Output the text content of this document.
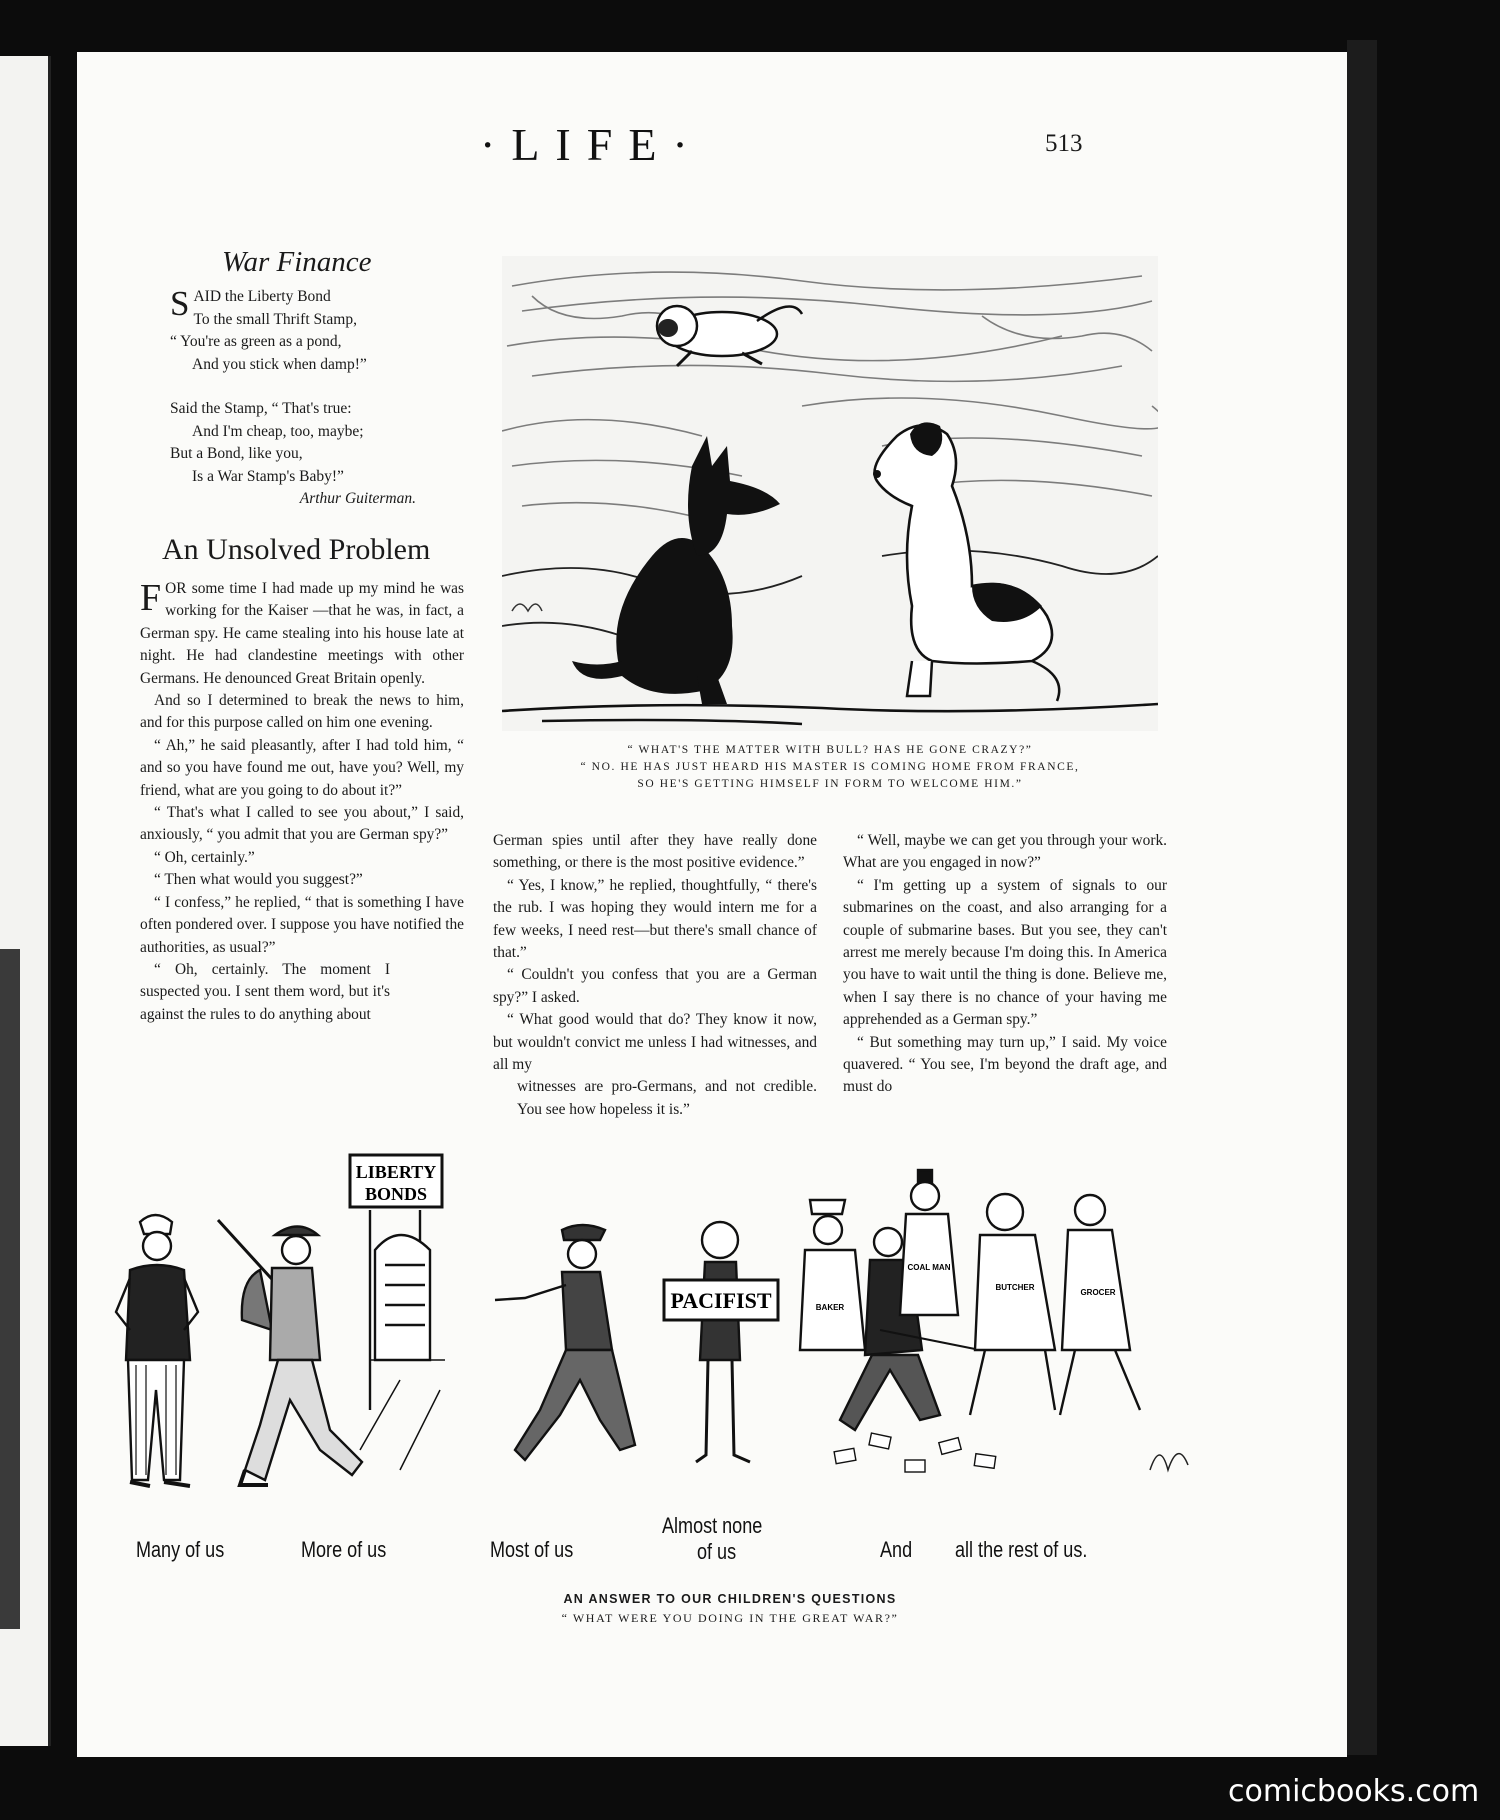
·LIFE·	513
War Finance
S AID the Liberty Bond
To the small Thrift Stamp,
“ You're as green as a pond,
And you stick when damp!”
Said the Stamp, “ That's true:
And I'm cheap, too, maybe;
But a Bond, like you,
Is a War Stamp's Baby!”
Arthur Guiterman.
An Unsolved Problem

FOR some time I had made up my mind he was working for the Kaiser —that he was, in fact, a German spy. He came stealing into his house late at night. He had clandestine meetings with other Germans. He denounced Great Britain openly.

And so I determined to break the news to him, and for this purpose called on him one evening.

“ Ah,” he said pleasantly, after I had told him, “ and so you have found me out, have you? Well, my friend, what are you going to do about it?”

“ That's what I called to see you about,” I said, anxiously, “ you admit that you are German spy?”

“ Oh, certainly.”

“ Then what would you suggest?”

“ I confess,” he replied, “ that is something I have often pondered over. I suppose you have notified the authorities, as usual?”

“ Oh, certainly. The moment I suspected you. I sent them word, but it's against the rules to do anything about

German spies until after they have really done something, or there is the most positive evidence.”

“ Yes, I know,” he replied, thoughtfully, “ there's the rub. I was hoping they would intern me for a few weeks, I need rest—but there's small chance of that.”

“ Couldn't you confess that you are a German spy?” I asked.

“ What good would that do? They know it now, but wouldn't convict me unless I had witnesses, and all my

witnesses are pro-Germans, and not credible. You see how hopeless it is.”

“ Well, maybe we can get you through your work. What are you engaged in now?”

“ I'm getting up a system of signals to our submarines on the coast, and also arranging for a couple of submarine bases. But you see, they can't arrest me merely because I'm doing this. In America you have to wait until the thing is done. Believe me, when I say there is no chance of your having me apprehended as a German spy.”

“ But something may turn up,” I said. My voice quavered. “ You see, I'm beyond the draft age, and must do

“ WHAT'S THE MATTER WITH BULL? HAS HE GONE CRAZY?”
“ NO. HE HAS JUST HEARD HIS MASTER IS COMING HOME FROM FRANCE,
SO HE'S GETTING HIMSELF IN FORM TO WELCOME HIM.”
LIBERTY
BONDS
PACIFIST	BAKER
COAL MAN
BUTCHER
GROCER
Many of us	More of us	Most of us
Almost none
of us	And all the rest of us.
AN ANSWER TO OUR CHILDREN'S QUESTIONS
“ WHAT WERE YOU DOING IN THE GREAT WAR?”
comicbooks.com
